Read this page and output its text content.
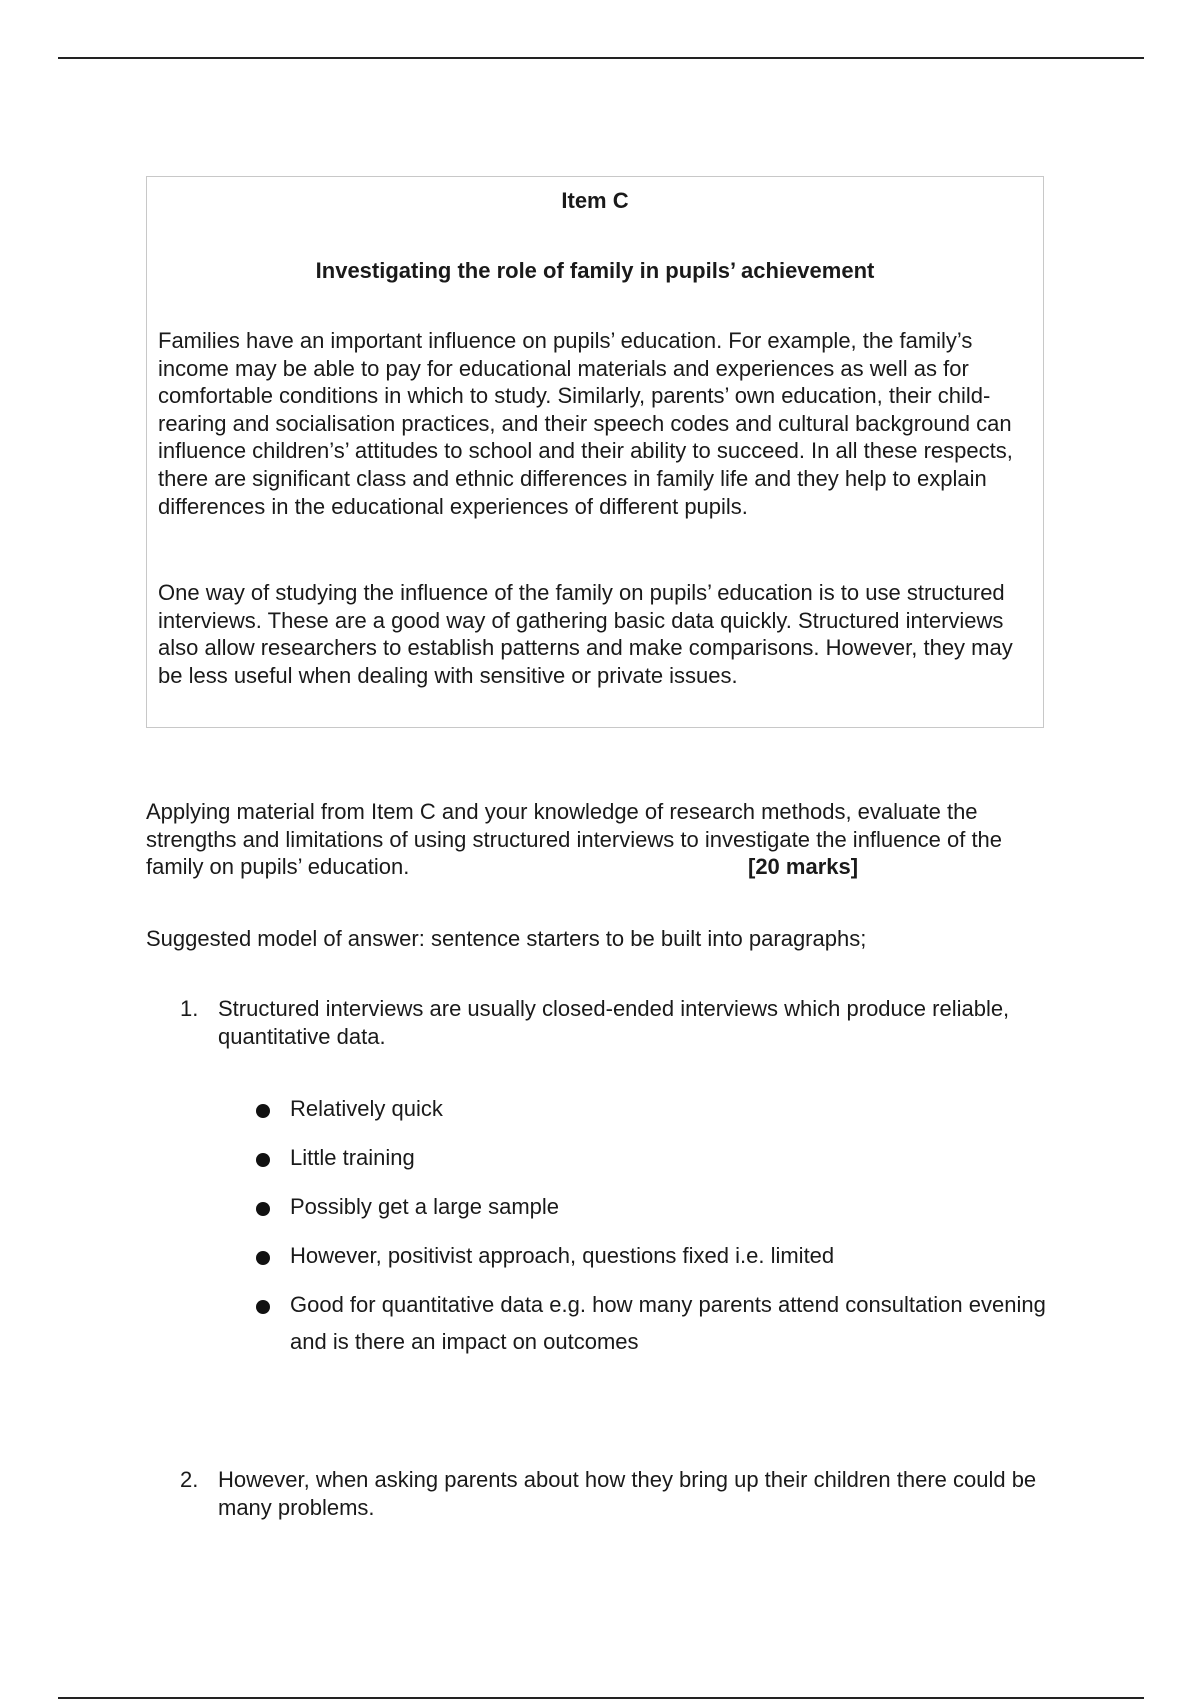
Item C
Investigating the role of family in pupils’ achievement

Families have an important influence on pupils’ education. For example, the family’s income may be able to pay for educational materials and experiences as well as for comfortable conditions in which to study. Similarly, parents’ own education, their child-rearing and socialisation practices, and their speech codes and cultural background can influence children’s’ attitudes to school and their ability to succeed. In all these respects, there are significant class and ethnic differences in family life and they help to explain differences in the educational experiences of different pupils.

One way of studying the influence of the family on pupils’ education is to use structured interviews. These are a good way of gathering basic data quickly. Structured interviews also allow researchers to establish patterns and make comparisons. However, they may be less useful when dealing with sensitive or private issues.

Applying material from Item C and your knowledge of research methods, evaluate the strengths and limitations of using structured interviews to investigate the influence of the family on pupils’ education.	[20 marks]
Suggested model of answer: sentence starters to be built into paragraphs;
1. Structured interviews are usually closed-ended interviews which produce reliable, quantitative data.
Relatively quick
Little training
Possibly get a large sample
However, positivist approach, questions fixed i.e. limited
Good for quantitative data e.g. how many parents attend consultation evening and is there an impact on outcomes
2. However, when asking parents about how they bring up their children there could be many problems.
